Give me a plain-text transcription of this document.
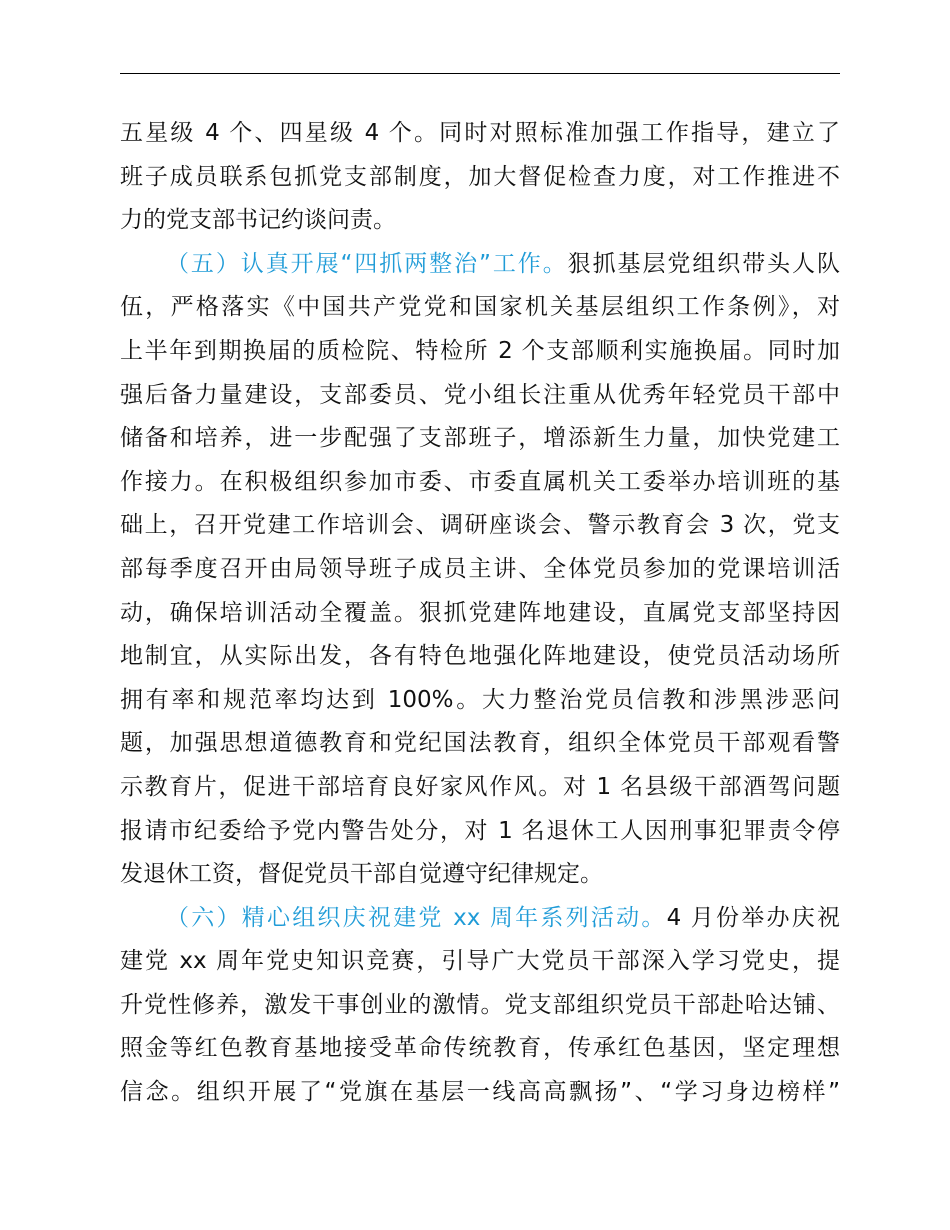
五星级 4 个、四星级 4 个。同时对照标准加强工作指导，建立了
班子成员联系包抓党支部制度，加大督促检查力度，对工作推进不
力的党支部书记约谈问责。
（五）认真开展“四抓两整治”工作。狠抓基层党组织带头人队
伍，严格落实《中国共产党党和国家机关基层组织工作条例》，对
上半年到期换届的质检院、特检所 2 个支部顺利实施换届。同时加
强后备力量建设，支部委员、党小组长注重从优秀年轻党员干部中
储备和培养，进一步配强了支部班子，增添新生力量，加快党建工
作接力。在积极组织参加市委、市委直属机关工委举办培训班的基
础上，召开党建工作培训会、调研座谈会、警示教育会 3 次，党支
部每季度召开由局领导班子成员主讲、全体党员参加的党课培训活
动，确保培训活动全覆盖。狠抓党建阵地建设，直属党支部坚持因
地制宜，从实际出发，各有特色地强化阵地建设，使党员活动场所
拥有率和规范率均达到 100%。大力整治党员信教和涉黑涉恶问
题，加强思想道德教育和党纪国法教育，组织全体党员干部观看警
示教育片，促进干部培育良好家风作风。对 1 名县级干部酒驾问题
报请市纪委给予党内警告处分，对 1 名退休工人因刑事犯罪责令停
发退休工资，督促党员干部自觉遵守纪律规定。
（六）精心组织庆祝建党 xx 周年系列活动。4 月份举办庆祝
建党 xx 周年党史知识竞赛，引导广大党员干部深入学习党史，提
升党性修养，激发干事创业的激情。党支部组织党员干部赴哈达铺、
照金等红色教育基地接受革命传统教育，传承红色基因，坚定理想
信念。组织开展了“党旗在基层一线高高飘扬”、“学习身边榜样”
